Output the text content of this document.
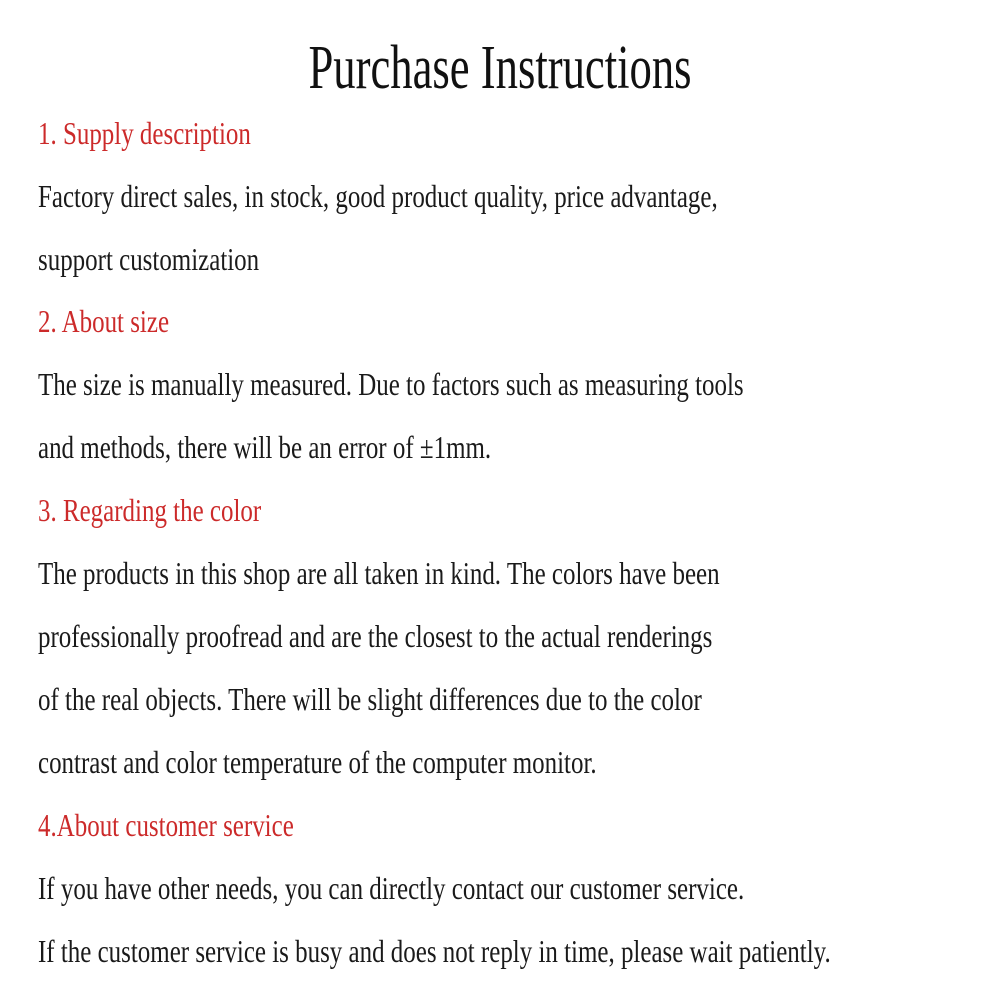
Purchase Instructions
1. Supply description
Factory direct sales, in stock, good product quality, price advantage,
support customization
2. About size
The size is manually measured. Due to factors such as measuring tools
and methods, there will be an error of ±1mm.
3. Regarding the color
The products in this shop are all taken in kind. The colors have been
professionally proofread and are the closest to the actual renderings
of the real objects. There will be slight differences due to the color
contrast and color temperature of the computer monitor.
4.About customer service
If you have other needs, you can directly contact our customer service.
If the customer service is busy and does not reply in time, please wait patiently.
